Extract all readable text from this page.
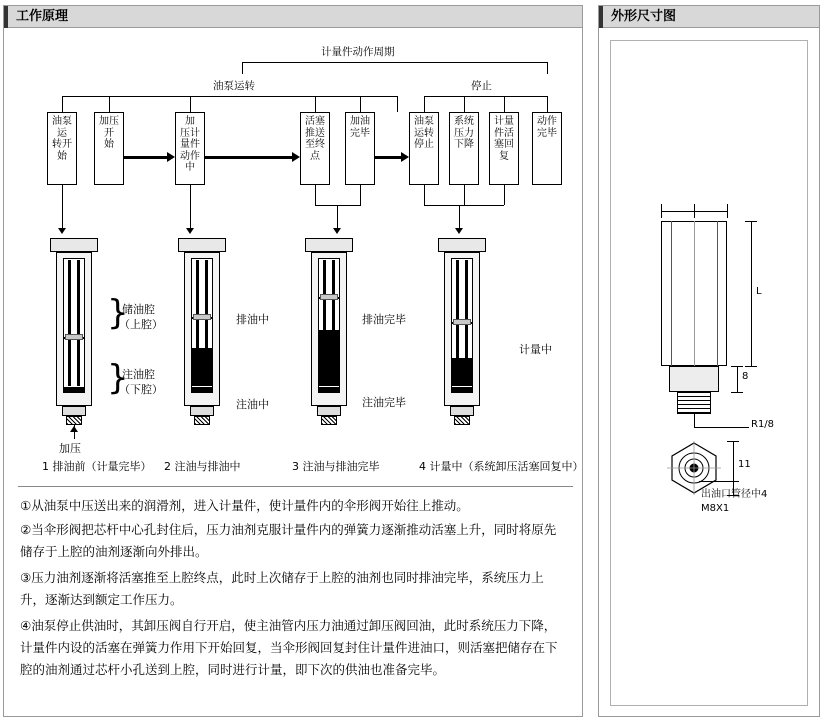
工作原理
计量件动作周期
油泵运转	停止
油泵
运
转开
始
加压
开
始
加
压计
量件
动作
中
活塞
推送
至终
点
加油
完毕
油泵
运转
停止
系统
压力
下降
计量
件活
塞回
复
动作
完毕
}
储油腔
（上腔）
}
注油腔
（下腔）
加压
排油中
注油中
排油完毕
注油完毕
计量中
1 排油前（计量完毕） 2 注油与排油中	3 注油与排油完毕	4 计量中（系统卸压活塞回复中）
①从油泵中压送出来的润滑剂，进入计量件，使计量件内的伞形阀开始往上推动。
②当伞形阀把芯杆中心孔封住后，压力油剂克服计量件内的弹簧力逐渐推动活塞上升，同时将原先储存于上腔的油剂逐渐向外排出。
③压力油剂逐渐将活塞推至上腔终点，此时上次储存于上腔的油剂也同时排油完毕，系统压力上升，逐渐达到额定工作压力。
④油泵停止供油时，其卸压阀自行开启，使主油管内压力油通过卸压阀回油，此时系统压力下降，计量件内设的活塞在弹簧力作用下开始回复，当伞形阀回复封住计量件进油口，则活塞把储存在下腔的油剂通过芯杆小孔送到上腔，同时进行计量，即下次的供油也准备完毕。
外形尺寸图
L
8
R1/8
11
出油口管径中4
M8X1
